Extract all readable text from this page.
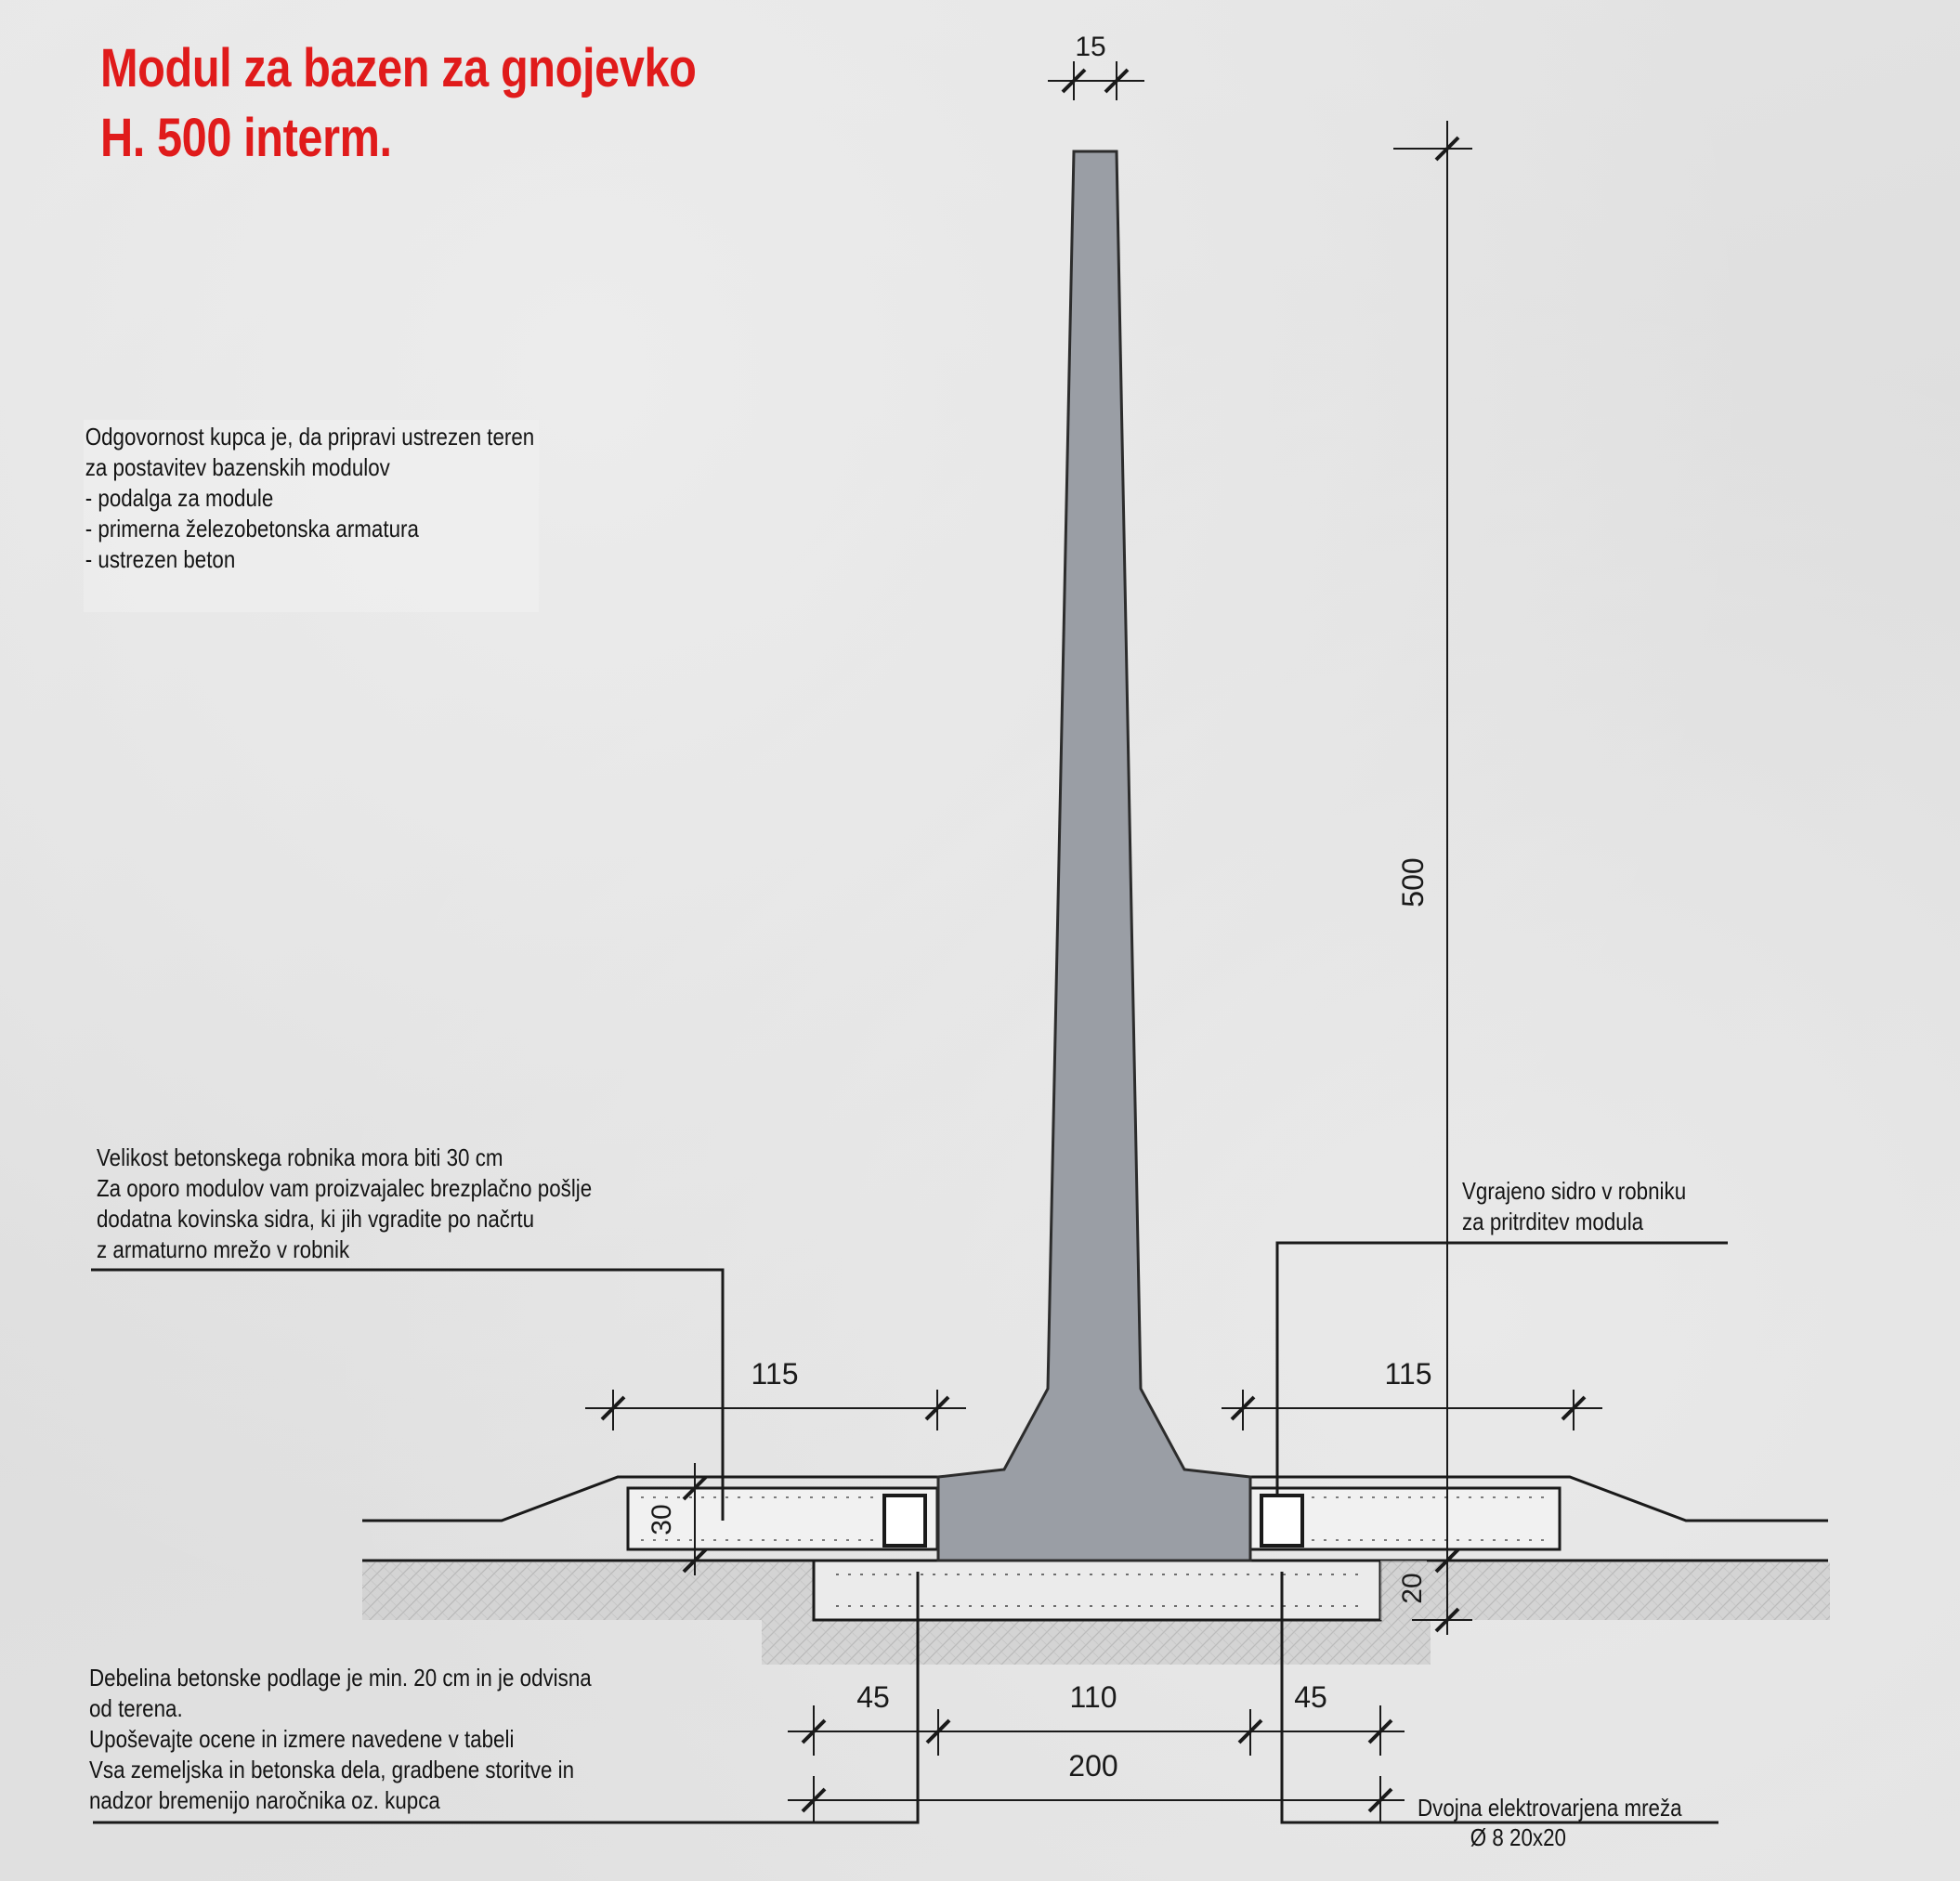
15
500
115	115
30
20
45	110	45
200
Modul za bazen za gnojevko
H. 500 interm.
Odgovornost kupca je, da pripravi ustrezen teren
za postavitev bazenskih modulov
- podalga za module
- primerna železobetonska armatura
- ustrezen beton
Velikost betonskega robnika mora biti 30 cm
Za oporo modulov vam proizvajalec brezplačno pošlje
dodatna kovinska sidra, ki jih vgradite po načrtu
z armaturno mrežo v robnik
Vgrajeno sidro v robniku
za pritrditev modula
Debelina betonske podlage je min. 20 cm in je odvisna
od terena.
Upoševajte ocene in izmere navedene v tabeli
Vsa zemeljska in betonska dela, gradbene storitve in
nadzor bremenijo naročnika oz. kupca	Dvojna elektrovarjena mreža
Ø 8 20x20
